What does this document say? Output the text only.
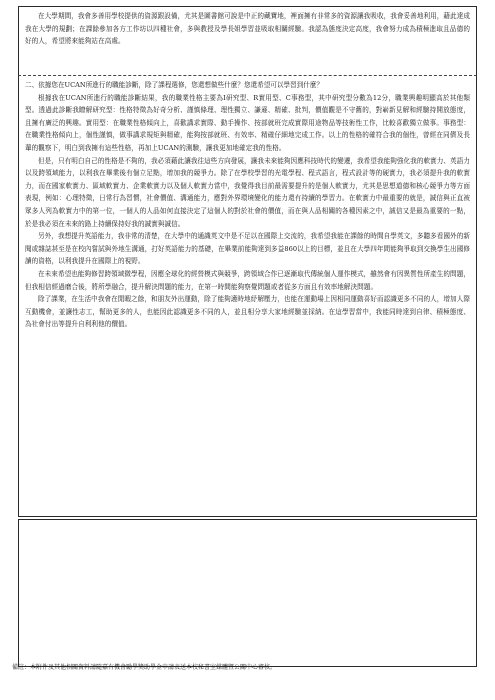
在大學期間，我會多善用學校提供的資源跟設備，尤其是圖書館可說是中正的藏寶地，裡面擁有非常多的資源讓我吸收，我會妥善地利用，藉此達成我在大學的規劃；在課餘參加各方工作坊以四種社會，多與教授及學長姐學習並吸取相關經驗。我認為態度決定高度，我會努力成為積極進取且品德的好的人，希望將來能夠站在高處。

二、依據您在UCAN所進行的職能診斷，除了課程選修，您還想做些什麼？您還希望可以學習到什麼？

根據我在UCAN所進行的職能診斷結果，我的職業性格主要為I研究型、R實用型、C事務型，其中研究型分數為12分，職業興趣明顯高於其他類型。透過此診斷我瞭解研究型：性格特徵為好奇分析、謹慎條理、理性獨立、謙遜、精確、批判，價值觀是不守舊的，對嶄新見解和經驗持開放態度，且擁有廣泛的興趣。實用型：在職業性格傾向上，喜歡講求實際、動手操作、按部就班完成實際用途物品等技術性工作，比較喜歡獨立做事。事務型：在職業性格傾向上，個性謹慎，做事講求規矩與精確，能夠按部就班、有效率、精確仔細地完成工作。以上的性格的確符合我的個性，曾經在同儕及長輩的觀察下，明白到我擁有這些性格，再加上UCAN的測驗，讓我更加地確定我的性格。

但是，只有明白自己的性格是不夠的，我必須藉此讓我往這些方向發展，讓我未來能夠因應科技時代的變遷，我希望我能夠強化我的軟實力、英語力以及跨領域能力，以利我在畢業後有個立足點，增加我的競爭力。除了在學校學習的光電學程、程式語言，程式設計等的硬實力，我必須提升我的軟實力，而在國家軟實力、區域軟實力、企業軟實力以及個人軟實力當中，我覺得我目前最需要提升的是個人軟實力，尤其是思想道德和核心競爭力等方面表現，例如：心理特徵，日常行為習慣，社會價值、溝通能力，應對外界環境變化的能力還有持續的學習力。在軟實力中最重要的就是，誠信與正直被眾多人列為軟實力中的第一位，一個人的人品如何直接決定了這個人的對於社會的價值，而在與人品相關的各種因素之中，誠信又是最為重要的一點，於是我必須在未來的路上持續保持好我的誠實與誠信。

另外，我想提升英語能力，我非常的清楚，在大學中的通識英文中是不足以在國際上交流的，我希望我能在課餘的時間自學英文，多聽多看國外的新聞或雜誌甚至是在校內嘗試與外地生溝通，打好英語能力的基礎，在畢業前能夠達到多益860以上的目標，並且在大學四年間能夠爭取到交換學生出國修讀的資格，以利我提升在國際上的視野。

在未來希望也能夠修習跨領域微學程，因應全球化的經營模式與競爭，跨領域合作已逐漸取代傳統個人運作模式，雖然會有因異質性所產生的問題，但我相信經過磨合後，將所學融合，提升解決問題的能力，在第一時間能夠察覺問題或者從多方面且有效率地解決問題。

除了課業，在生活中我會在閒暇之餘，和朋友外出運動，除了能夠適時地紓解壓力，也能在運動場上因相同運動喜好而認識更多不同的人，增加人際互動機會，並讓性志工，幫助更多的人，也能因此認識更多不同的人，並且相分享大家地經驗並採納。在這學習當中，我能同時達到自律、積極態度、為社會付出等提升自利利他的價值。

備註：本附件及其他相關資料請隨嘉有機會勵學獎助學金申請表送本校秘書室媒體暨公關中心審核。
